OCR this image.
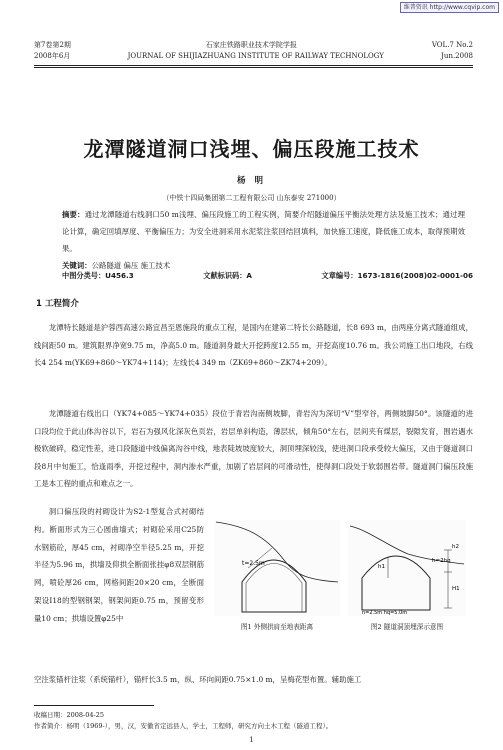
维普资讯 http://www.cqvip.com
第7卷第2期	石家庄铁路职业技术学院学报	VOL.7 No.2
2008年6月	JOURNAL OF SHIJIAZHUANG INSTITUTE OF RAILWAY TECHNOLOGY	Jun.2008
龙潭隧道洞口浅埋、偏压段施工技术
杨 明
（中铁十四局集团第二工程有限公司 山东泰安 271000）
摘要：通过龙潭隧道右线洞口50 m浅埋、偏压段施工的工程实例，简要介绍隧道偏压平衡法处理方法及施工技术；通过理论计算，确定回填厚度、平衡偏压力；为安全进洞采用水泥浆注浆回结回填料，加快施工速度，降低施工成本，取得预期效果。
关键词：公路隧道 偏压 施工技术
中图分类号：U456.3	文献标识码：A	文章编号：1673-1816(2008)02-0001-06
1 工程简介

龙潭特长隧道是沪蓉西高速公路宜昌至恩施段的重点工程，是国内在建第二特长公路隧道，长8 693 m，由两座分离式隧道组成，线间距50 m。建筑限界净宽9.75 m，净高5.0 m。隧道洞身最大开挖跨度12.55 m，开挖高度10.76 m。我公司施工出口地段，右线长4 254 m(YK69+860～YK74+114)；左线长4 349 m（ZK69+860～ZK74+209）。

龙潭隧道右线出口（YK74+085～YK74+035）段位于青岩沟南侧坡脚，青岩沟为深切“V”型窄谷，两侧坡脚50°。该隧道的进口段均位于此山体沟谷以下，岩石为强风化深灰色页岩，岩层单斜构造，薄层状，倾角50°左右，层间夹有煤层，裂隙发育，围岩遇水极软破碎，稳定性差，进口段隧道中线偏离沟谷中线，地表陡坡坡度较大，洞顶埋深较浅，使进洞口段承受较大偏压，又由于隧道洞口段8月中旬施工，恰逢雨季，开挖过程中，洞内渗水严重，加剧了岩层间的可滑动性，使得洞口段处于软弱围岩带。隧道洞门偏压段施工是本工程的重点和难点之一。

洞口偏压段的衬砌设计为S2-1型复合式衬砌结构。断面形式为三心圆曲墙式；衬砌砼采用C25防水钢筋砼，厚45 cm，衬砌净空半径5.25 m，开挖半径为5.96 m，拱墙及仰拱全断面张挂φ8双层钢筋网，喷砼厚26 cm，网格间距20×20 cm，全断面架设I18的型钢钢架，钢架间距0.75 m，预留变形量10 cm；拱墙设置φ25中

t=2.5m
h2
h=2hq
h1
H1
n=2.5m hq=5.0m
图1 外侧拱肩至地表距离	图2 隧道洞顶埋深示意图
空注浆锚杆注浆（系统锚杆），锚杆长3.5 m，纵、环向间距0.75×1.0 m，呈梅花型布置。辅助施工
收稿日期：2008-04-25
作者简介：杨明（1969-），男，汉，安徽省定远县人，学士，工程师，研究方向土木工程（隧道工程）。
1
